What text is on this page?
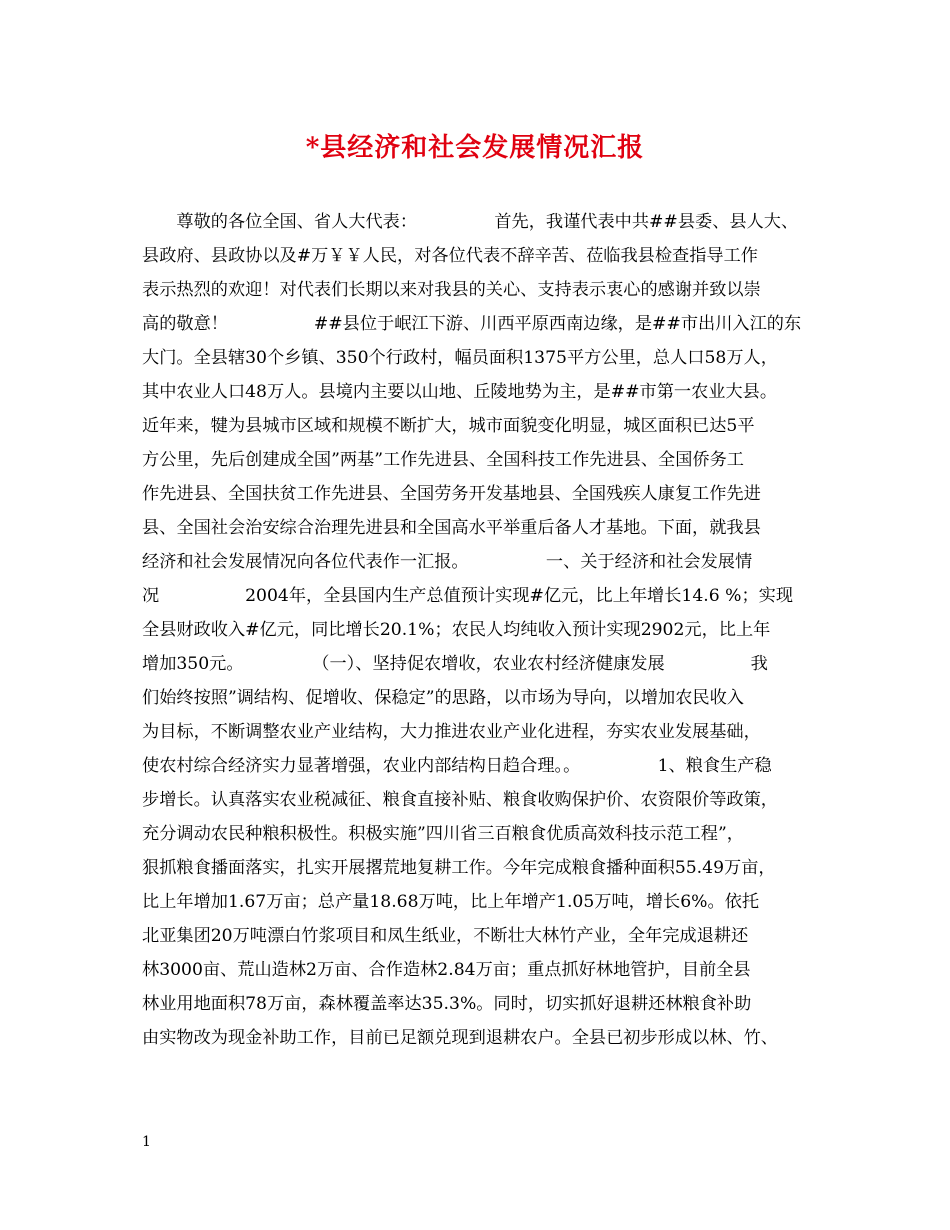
*县经济和社会发展情况汇报
　　尊敬的各位全国、省人大代表：　　　　　首先，我谨代表中共##县委、县人大、
县政府、县政协以及#万￥￥人民，对各位代表不辞辛苦、莅临我县检查指导工作
表示热烈的欢迎！对代表们长期以来对我县的关心、支持表示衷心的感谢并致以崇
高的敬意！　　　　　##县位于岷江下游、川西平原西南边缘，是##市出川入江的东
大门。全县辖30个乡镇、350个行政村，幅员面积1375平方公里，总人口58万人，
其中农业人口48万人。县境内主要以山地、丘陵地势为主，是##市第一农业大县。
近年来，犍为县城市区域和规模不断扩大，城市面貌变化明显，城区面积已达5平
方公里，先后创建成全国”两基”工作先进县、全国科技工作先进县、全国侨务工
作先进县、全国扶贫工作先进县、全国劳务开发基地县、全国残疾人康复工作先进
县、全国社会治安综合治理先进县和全国高水平举重后备人才基地。下面，就我县
经济和社会发展情况向各位代表作一汇报。　　　　　一、关于经济和社会发展情
况　　　　　2004年，全县国内生产总值预计实现#亿元，比上年增长14.6 %；实现
全县财政收入#亿元，同比增长20.1%；农民人均纯收入预计实现2902元，比上年
增加350元。　　　　　（一）、坚持促农增收，农业农村经济健康发展　　　　　我
们始终按照”调结构、促增收、保稳定”的思路，以市场为导向，以增加农民收入
为目标，不断调整农业产业结构，大力推进农业产业化进程，夯实农业发展基础，
使农村综合经济实力显著增强，农业内部结构日趋合理。。　　　　　1、粮食生产稳
步增长。认真落实农业税减征、粮食直接补贴、粮食收购保护价、农资限价等政策，
充分调动农民种粮积极性。积极实施”四川省三百粮食优质高效科技示范工程”，
狠抓粮食播面落实，扎实开展撂荒地复耕工作。今年完成粮食播种面积55.49万亩，
比上年增加1.67万亩；总产量18.68万吨，比上年增产1.05万吨，增长6%。依托
北亚集团20万吨漂白竹浆项目和凤生纸业，不断壮大林竹产业，全年完成退耕还
林3000亩、荒山造林2万亩、合作造林2.84万亩；重点抓好林地管护，目前全县
林业用地面积78万亩，森林覆盖率达35.3%。同时，切实抓好退耕还林粮食补助
由实物改为现金补助工作，目前已足额兑现到退耕农户。全县已初步形成以林、竹、
1
